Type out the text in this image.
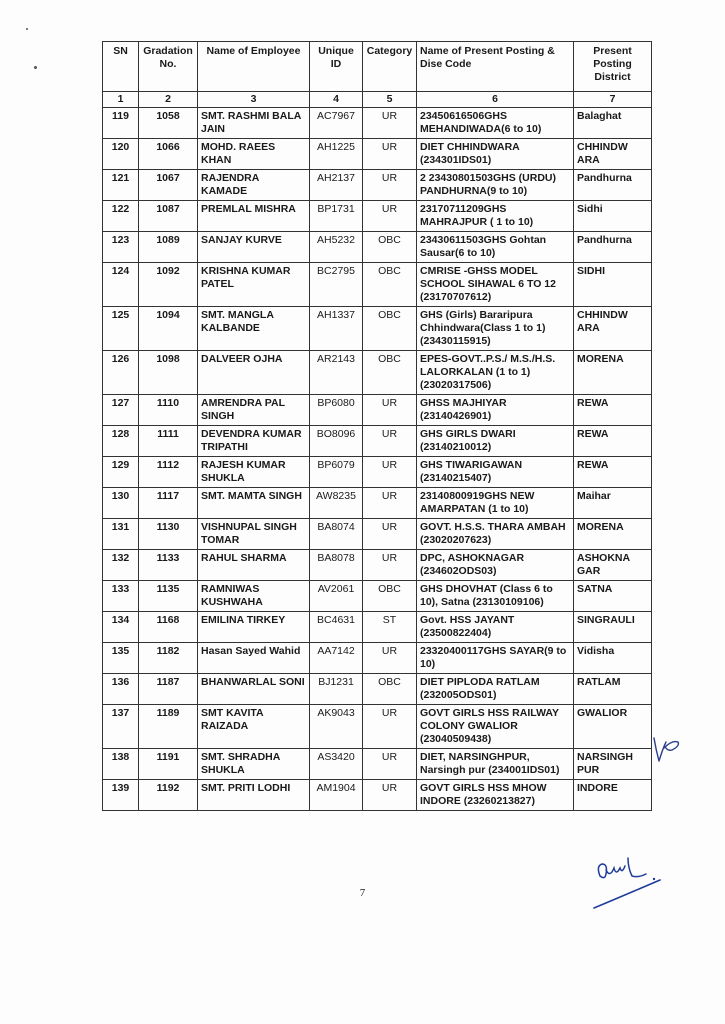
SN	Gradation No.	Name of Employee	Unique ID	Category	Name of Present Posting & Dise Code	Present Posting District
1	2	3	4	5	6	7
119	1058	SMT. RASHMI BALA JAIN	AC7967	UR	23450616506GHS MEHANDIWADA(6 to 10)	Balaghat
120	1066	MOHD. RAEES KHAN	AH1225	UR	DIET CHHINDWARA (234301IDS01)	CHHINDW ARA
121	1067	RAJENDRA KAMADE	AH2137	UR	2 23430801503GHS (URDU) PANDHURNA(9 to 10)	Pandhurna
122	1087	PREMLAL MISHRA	BP1731	UR	23170711209GHS MAHRAJPUR ( 1 to 10)	Sidhi
123	1089	SANJAY KURVE	AH5232	OBC	23430611503GHS Gohtan Sausar(6 to 10)	Pandhurna
124	1092	KRISHNA KUMAR PATEL	BC2795	OBC	CMRISE -GHSS MODEL SCHOOL SIHAWAL 6 TO 12 (23170707612)	SIDHI
125	1094	SMT. MANGLA KALBANDE	AH1337	OBC	GHS (Girls) Bararipura Chhindwara(Class 1 to 1) (23430115915)	CHHINDW ARA
126	1098	DALVEER OJHA	AR2143	OBC	EPES-GOVT..P.S./ M.S./H.S. LALORKALAN (1 to 1) (23020317506)	MORENA
127	1110	AMRENDRA PAL SINGH	BP6080	UR	GHSS MAJHIYAR (23140426901)	REWA
128	1111	DEVENDRA KUMAR TRIPATHI	BO8096	UR	GHS GIRLS DWARI (23140210012)	REWA
129	1112	RAJESH KUMAR SHUKLA	BP6079	UR	GHS TIWARIGAWAN (23140215407)	REWA
130	1117	SMT. MAMTA SINGH	AW8235	UR	23140800919GHS NEW AMARPATAN (1 to 10)	Maihar
131	1130	VISHNUPAL SINGH TOMAR	BA8074	UR	GOVT. H.S.S. THARA AMBAH (23020207623)	MORENA
132	1133	RAHUL SHARMA	BA8078	UR	DPC, ASHOKNAGAR (234602ODS03)	ASHOKNA GAR
133	1135	RAMNIWAS KUSHWAHA	AV2061	OBC	GHS DHOVHAT (Class 6 to 10), Satna (23130109106)	SATNA
134	1168	EMILINA TIRKEY	BC4631	ST	Govt. HSS JAYANT (23500822404)	SINGRAULI
135	1182	Hasan Sayed Wahid	AA7142	UR	23320400117GHS SAYAR(9 to 10)	Vidisha
136	1187	BHANWARLAL SONI	BJ1231	OBC	DIET PIPLODA RATLAM (232005ODS01)	RATLAM
137	1189	SMT KAVITA RAIZADA	AK9043	UR	GOVT GIRLS HSS RAILWAY COLONY GWALIOR (23040509438)	GWALIOR
138	1191	SMT. SHRADHA SHUKLA	AS3420	UR	DIET, NARSINGHPUR, Narsingh pur (234001IDS01)	NARSINGH PUR
139	1192	SMT. PRITI LODHI	AM1904	UR	GOVT GIRLS HSS MHOW INDORE (23260213827)	INDORE
7
